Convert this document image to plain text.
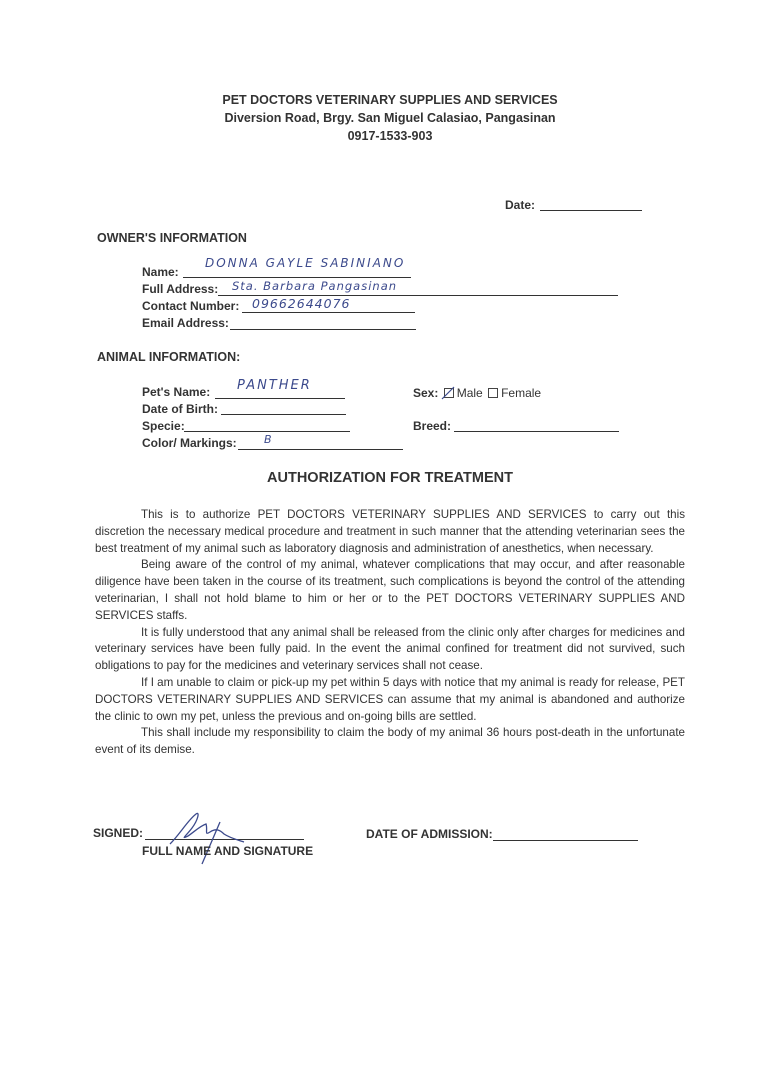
PET DOCTORS VETERINARY SUPPLIES AND SERVICES
Diversion Road, Brgy. San Miguel Calasiao, Pangasinan
0917-1533-903
Date:
OWNER'S INFORMATION
Name:
DONNA GAYLE SABINIANO
Full Address: Sta. Barbara Pangasinan
Contact Number: 09662644076
Email Address:
ANIMAL INFORMATION:
Pet's Name: PANTHER
Date of Birth:
Specie:
Color/ Markings: B
Sex: Male Female
Breed:
AUTHORIZATION FOR TREATMENT

This is to authorize PET DOCTORS VETERINARY SUPPLIES AND SERVICES to carry out this discretion the necessary medical procedure and treatment in such manner that the attending veterinarian sees the best treatment of my animal such as laboratory diagnosis and administration of anesthetics, when necessary.

Being aware of the control of my animal, whatever complications that may occur, and after reasonable diligence have been taken in the course of its treatment, such complications is beyond the control of the attending veterinarian, I shall not hold blame to him or her or to the PET DOCTORS VETERINARY SUPPLIES AND SERVICES staffs.

It is fully understood that any animal shall be released from the clinic only after charges for medicines and veterinary services have been fully paid. In the event the animal confined for treatment did not survived, such obligations to pay for the medicines and veterinary services shall not cease.

If I am unable to claim or pick-up my pet within 5 days with notice that my animal is ready for release, PET DOCTORS VETERINARY SUPPLIES AND SERVICES can assume that my animal is abandoned and authorize the clinic to own my pet, unless the previous and on-going bills are settled.

This shall include my responsibility to claim the body of my animal 36 hours post-death in the unfortunate event of its demise.

SIGNED:
FULL NAME AND SIGNATURE
DATE OF ADMISSION:
